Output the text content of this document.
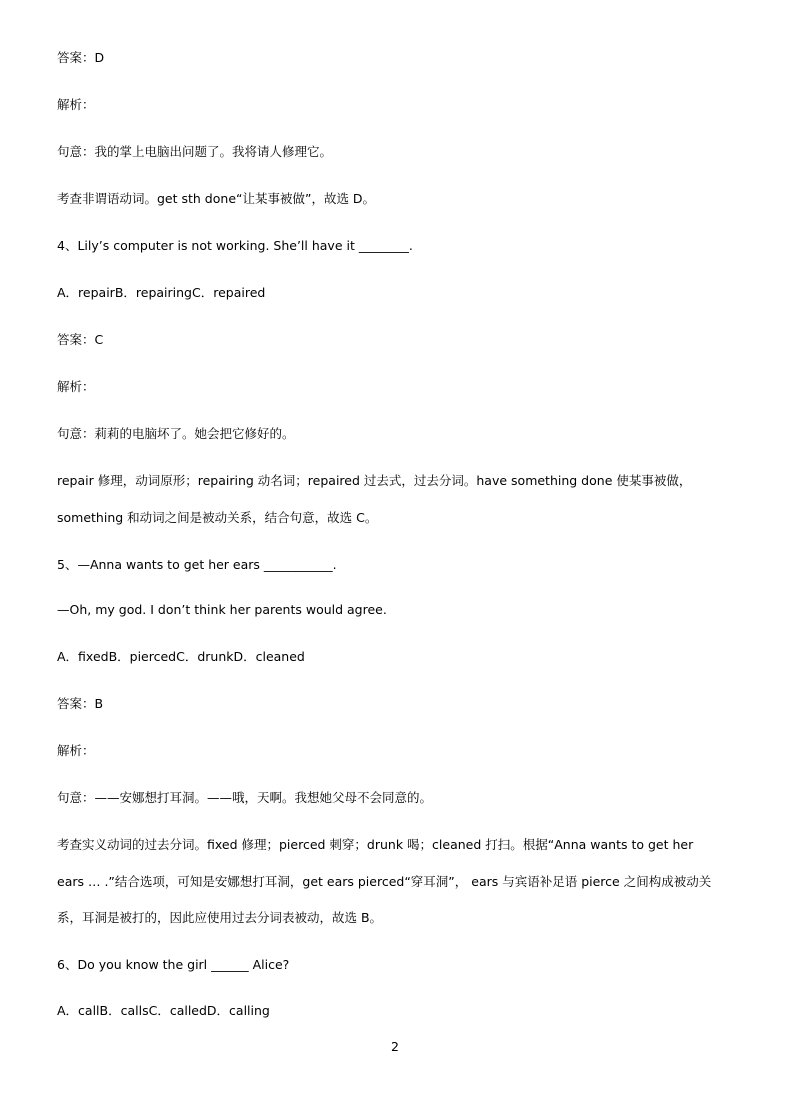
答案：D
解析：
句意：我的掌上电脑出问题了。我将请人修理它。
考查非谓语动词。get sth done“让某事被做”，故选 D。
4、Lily’s computer is not working. She’ll have it ________.
A．repairB．repairingC．repaired
答案：C
解析：
句意：莉莉的电脑坏了。她会把它修好的。
repair 修理，动词原形；repairing 动名词；repaired 过去式，过去分词。have something done 使某事被做，
something 和动词之间是被动关系，结合句意，故选 C。
5、—Anna wants to get her ears ___________.
—Oh, my god. I don’t think her parents would agree.
A．fixedB．piercedC．drunkD．cleaned
答案：B
解析：
句意：——安娜想打耳洞。——哦，天啊。我想她父母不会同意的。
考查实义动词的过去分词。fixed 修理；pierced 刺穿；drunk 喝；cleaned 打扫。根据“Anna wants to get her
ears … .”结合选项，可知是安娜想打耳洞，get ears pierced“穿耳洞”， ears 与宾语补足语 pierce 之间构成被动关
系，耳洞是被打的，因此应使用过去分词表被动，故选 B。
6、Do you know the girl ______ Alice?
A．callB．callsC．calledD．calling
2
